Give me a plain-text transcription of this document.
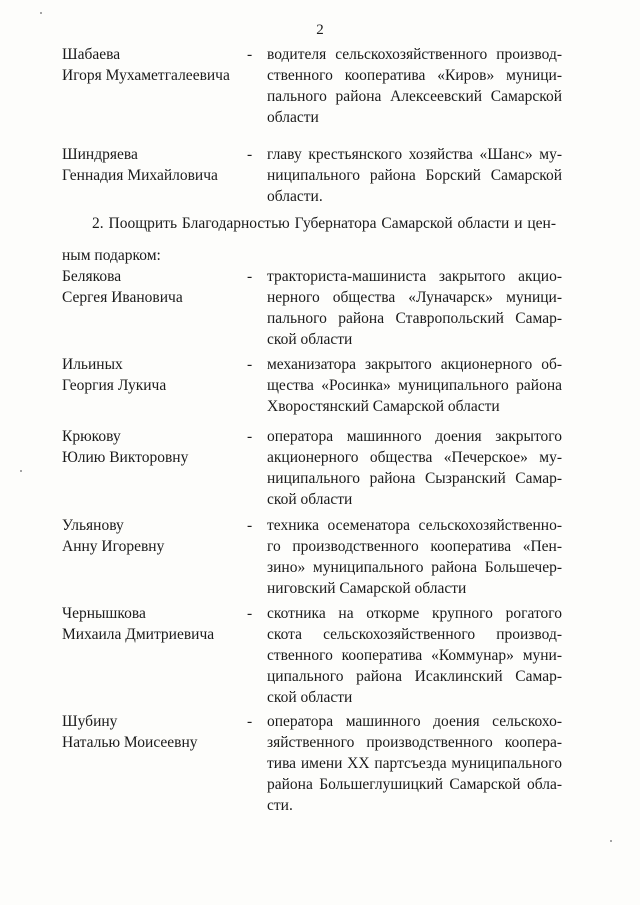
2
Шабаева
Игоря Мухаметгалеевича
- водителя сельскохозяйственного производ-
ственного кооператива «Киров» муници-
пального района Алексеевский Самарской
области
Шиндряева
Геннадия Михайловича
- главу крестьянского хозяйства «Шанс» му-
ниципального района Борский Самарской
области.
2. Поощрить Благодарностью Губернатора Самарской области и цен-
ным подарком:
Белякова
Сергея Ивановича
- тракториста-машиниста закрытого акцио-
нерного общества «Луначарск» муници-
пального района Ставропольский Самар-
ской области
Ильиных
Георгия Лукича
- механизатора закрытого акционерного об-
щества «Росинка» муниципального района
Хворостянский Самарской области
Крюкову
Юлию Викторовну
- оператора машинного доения закрытого
акционерного общества «Печерское» му-
ниципального района Сызранский Самар-
ской области
Ульянову
Анну Игоревну
- техника осеменатора сельскохозяйственно-
го производственного кооператива «Пен-
зино» муниципального района Большечер-
ниговский Самарской области
Чернышкова
Михаила Дмитриевича
- скотника на откорме крупного рогатого
скота сельскохозяйственного производ-
ственного кооператива «Коммунар» муни-
ципального района Исаклинский Самар-
ской области
Шубину
Наталью Моисеевну
- оператора машинного доения сельскохо-
зяйственного производственного коопера-
тива имени XX партсъезда муниципального
района Большеглушицкий Самарской обла-
сти.
